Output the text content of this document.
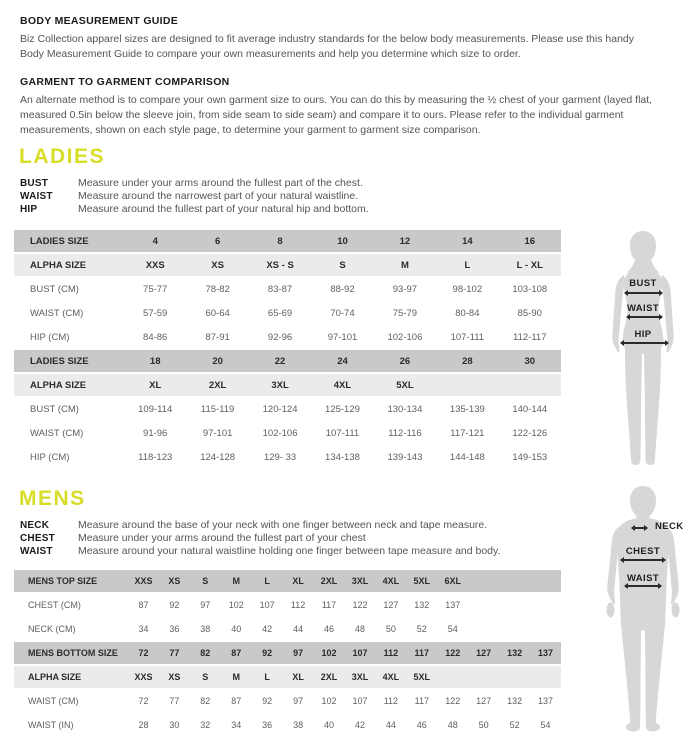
BODY MEASUREMENT GUIDE

Biz Collection apparel sizes are designed to fit average industry standards for the below body measurements. Please use this handy Body Measurement Guide to compare your own measurements and help you determine which size to order.

GARMENT TO GARMENT COMPARISON

An alternate method is to compare your own garment size to ours. You can do this by measuring the ½ chest of your garment (layed flat, measured 0.5in below the sleeve join, from side seam to side seam) and compare it to ours. Please refer to the individual garment measurements, shown on each style page, to determine your garment to garment size comparison.

LADIES
BUST	Measure under your arms around the fullest part of the chest.
WAIST	Measure around the narrowest part of your natural waistline.
HIP	Measure around the fullest part of your natural hip and bottom.
LADIES SIZE	4	6	8	10	12	14	16
ALPHA SIZE	XXS	XS	XS - S	S	M	L	L - XL
BUST (CM)	75-77	78-82	83-87	88-92	93-97	98-102	103-108
WAIST (CM)	57-59	60-64	65-69	70-74	75-79	80-84	85-90
HIP (CM)	84-86	87-91	92-96	97-101	102-106	107-111	112-117
LADIES SIZE	18	20	22	24	26	28	30
ALPHA SIZE	XL	2XL	3XL	4XL	5XL
BUST (CM)	109-114	115-119	120-124	125-129	130-134	135-139	140-144
WAIST (CM)	91-96	97-101	102-106	107-111	112-116	117-121	122-126
HIP (CM)	118-123	124-128	129- 33	134-138	139-143	144-148	149-153
BUST
WAIST
HIP
MENS
NECK	Measure around the base of your neck with one finger between neck and tape measure.
CHEST	Measure under your arms around the fullest part of your chest
WAIST	Measure around your natural waistline holding one finger between tape measure and body.
MENS TOP SIZE	XXS	XS	S	M	L	XL	2XL	3XL	4XL	5XL	6XL
CHEST (CM)	87	92	97	102	107	112	117	122	127	132	137
NECK (CM)	34	36	38	40	42	44	46	48	50	52	54
MENS BOTTOM SIZE	72	77	82	87	92	97	102	107	112	117	122	127	132	137
ALPHA SIZE	XXS	XS	S	M	L	XL	2XL	3XL	4XL	5XL
WAIST (CM)	72	77	82	87	92	97	102	107	112	117	122	127	132	137
WAIST (IN)	28	30	32	34	36	38	40	42	44	46	48	50	52	54
NECK
CHEST
WAIST
